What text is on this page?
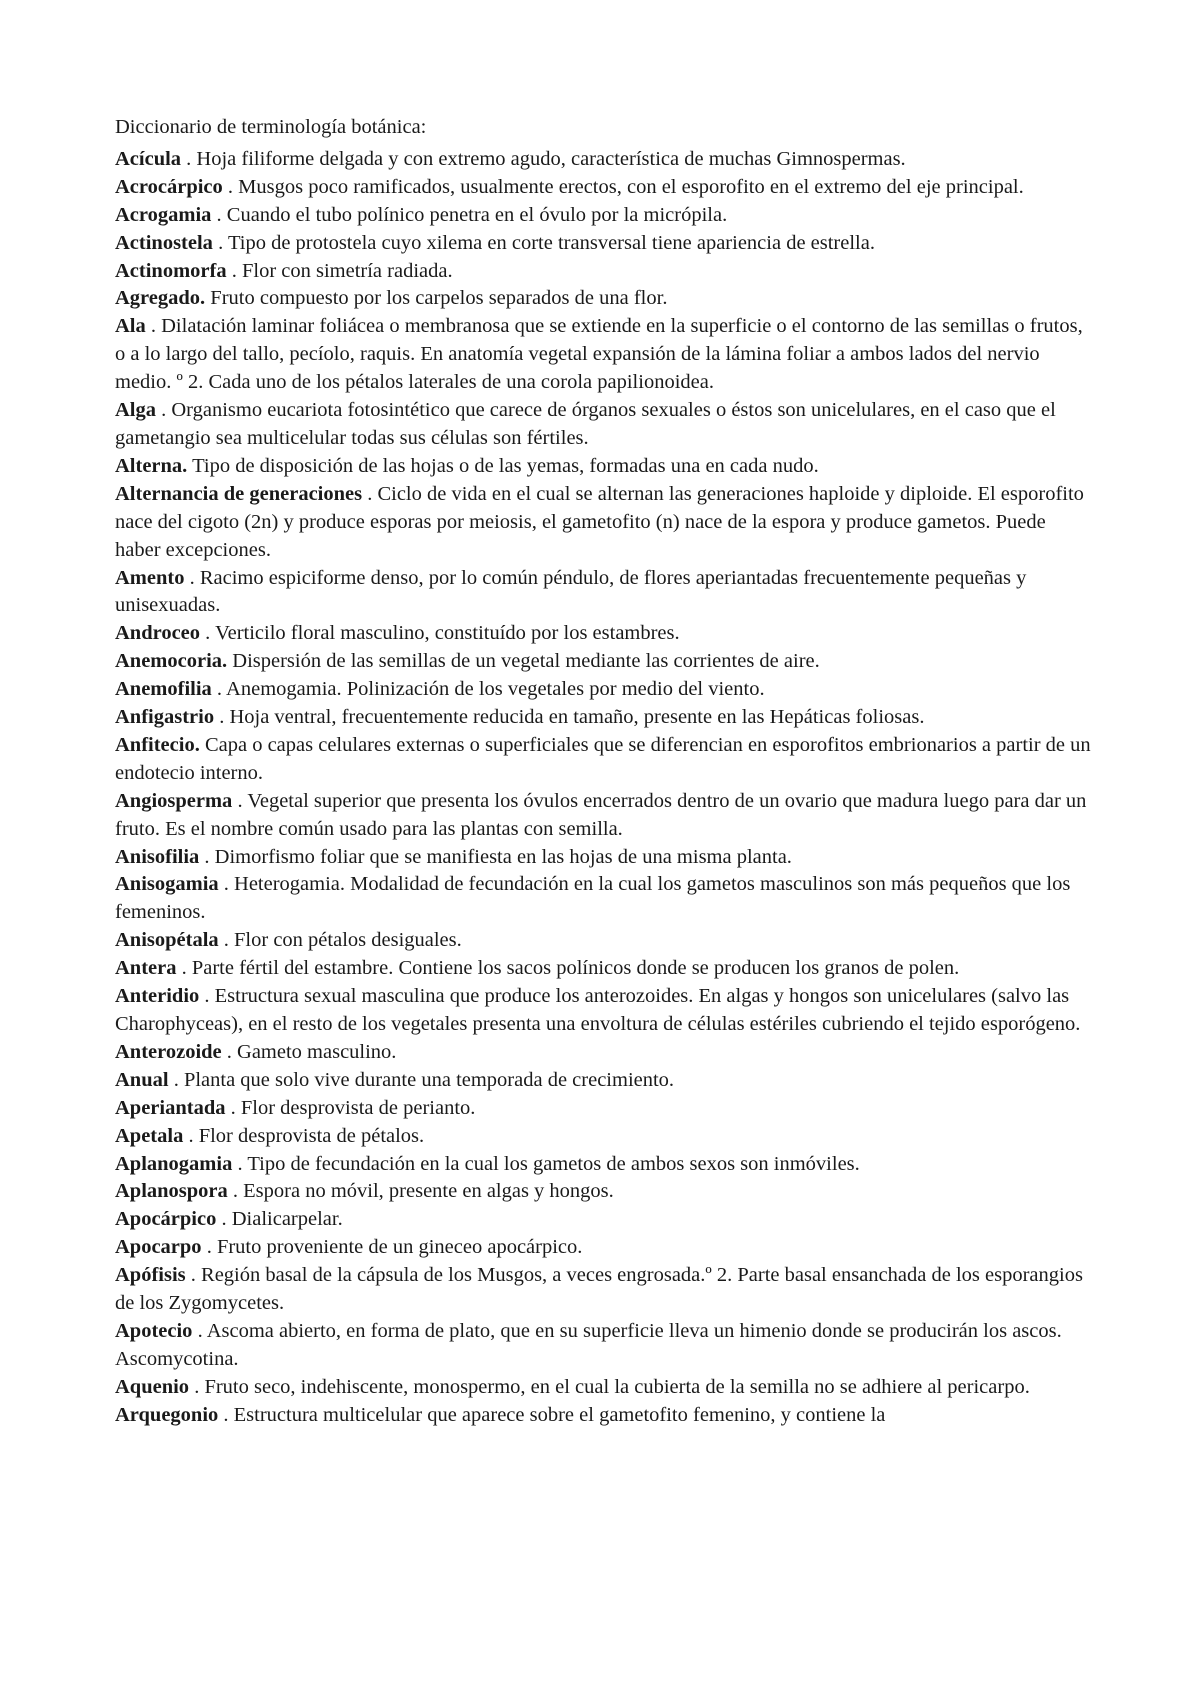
Diccionario de terminología botánica:

Acícula . Hoja filiforme delgada y con extremo agudo, característica de muchas Gimnospermas.

Acrocárpico . Musgos poco ramificados, usualmente erectos, con el esporofito en el extremo del eje principal.

Acrogamia . Cuando el tubo polínico penetra en el óvulo por la micrópila.

Actinostela . Tipo de protostela cuyo xilema en corte transversal tiene apariencia de estrella.

Actinomorfa . Flor con simetría radiada.

Agregado. Fruto compuesto por los carpelos separados de una flor.

Ala . Dilatación laminar foliácea o membranosa que se extiende en la superficie o el contorno de las semillas o frutos, o a lo largo del tallo, pecíolo, raquis. En anatomía vegetal expansión de la lámina foliar a ambos lados del nervio medio. º 2. Cada uno de los pétalos laterales de una corola papilionoidea.

Alga . Organismo eucariota fotosintético que carece de órganos sexuales o éstos son unicelulares, en el caso que el gametangio sea multicelular todas sus células son fértiles.

Alterna. Tipo de disposición de las hojas o de las yemas, formadas una en cada nudo.

Alternancia de generaciones . Ciclo de vida en el cual se alternan las generaciones haploide y diploide. El esporofito nace del cigoto (2n) y produce esporas por meiosis, el gametofito (n) nace de la espora y produce gametos. Puede haber excepciones.

Amento . Racimo espiciforme denso, por lo común péndulo, de flores aperiantadas frecuentemente pequeñas y unisexuadas.

Androceo . Verticilo floral masculino, constituído por los estambres.

Anemocoria. Dispersión de las semillas de un vegetal mediante las corrientes de aire.

Anemofilia . Anemogamia. Polinización de los vegetales por medio del viento.

Anfigastrio . Hoja ventral, frecuentemente reducida en tamaño, presente en las Hepáticas foliosas.

Anfitecio. Capa o capas celulares externas o superficiales que se diferencian en esporofitos embrionarios a partir de un endotecio interno.

Angiosperma . Vegetal superior que presenta los óvulos encerrados dentro de un ovario que madura luego para dar un fruto. Es el nombre común usado para las plantas con semilla.

Anisofilia . Dimorfismo foliar que se manifiesta en las hojas de una misma planta.

Anisogamia . Heterogamia. Modalidad de fecundación en la cual los gametos masculinos son más pequeños que los femeninos.

Anisopétala . Flor con pétalos desiguales.

Antera . Parte fértil del estambre. Contiene los sacos polínicos donde se producen los granos de polen.

Anteridio . Estructura sexual masculina que produce los anterozoides. En algas y hongos son unicelulares (salvo las Charophyceas), en el resto de los vegetales presenta una envoltura de células estériles cubriendo el tejido esporógeno.

Anterozoide . Gameto masculino.

Anual . Planta que solo vive durante una temporada de crecimiento.

Aperiantada . Flor desprovista de perianto.

Apetala . Flor desprovista de pétalos.

Aplanogamia . Tipo de fecundación en la cual los gametos de ambos sexos son inmóviles.

Aplanospora . Espora no móvil, presente en algas y hongos.

Apocárpico . Dialicarpelar.

Apocarpo . Fruto proveniente de un gineceo apocárpico.

Apófisis . Región basal de la cápsula de los Musgos, a veces engrosada.º 2. Parte basal ensanchada de los esporangios de los Zygomycetes.

Apotecio . Ascoma abierto, en forma de plato, que en su superficie lleva un himenio donde se producirán los ascos. Ascomycotina.

Aquenio . Fruto seco, indehiscente, monospermo, en el cual la cubierta de la semilla no se adhiere al pericarpo.

Arquegonio . Estructura multicelular que aparece sobre el gametofito femenino, y contiene la
